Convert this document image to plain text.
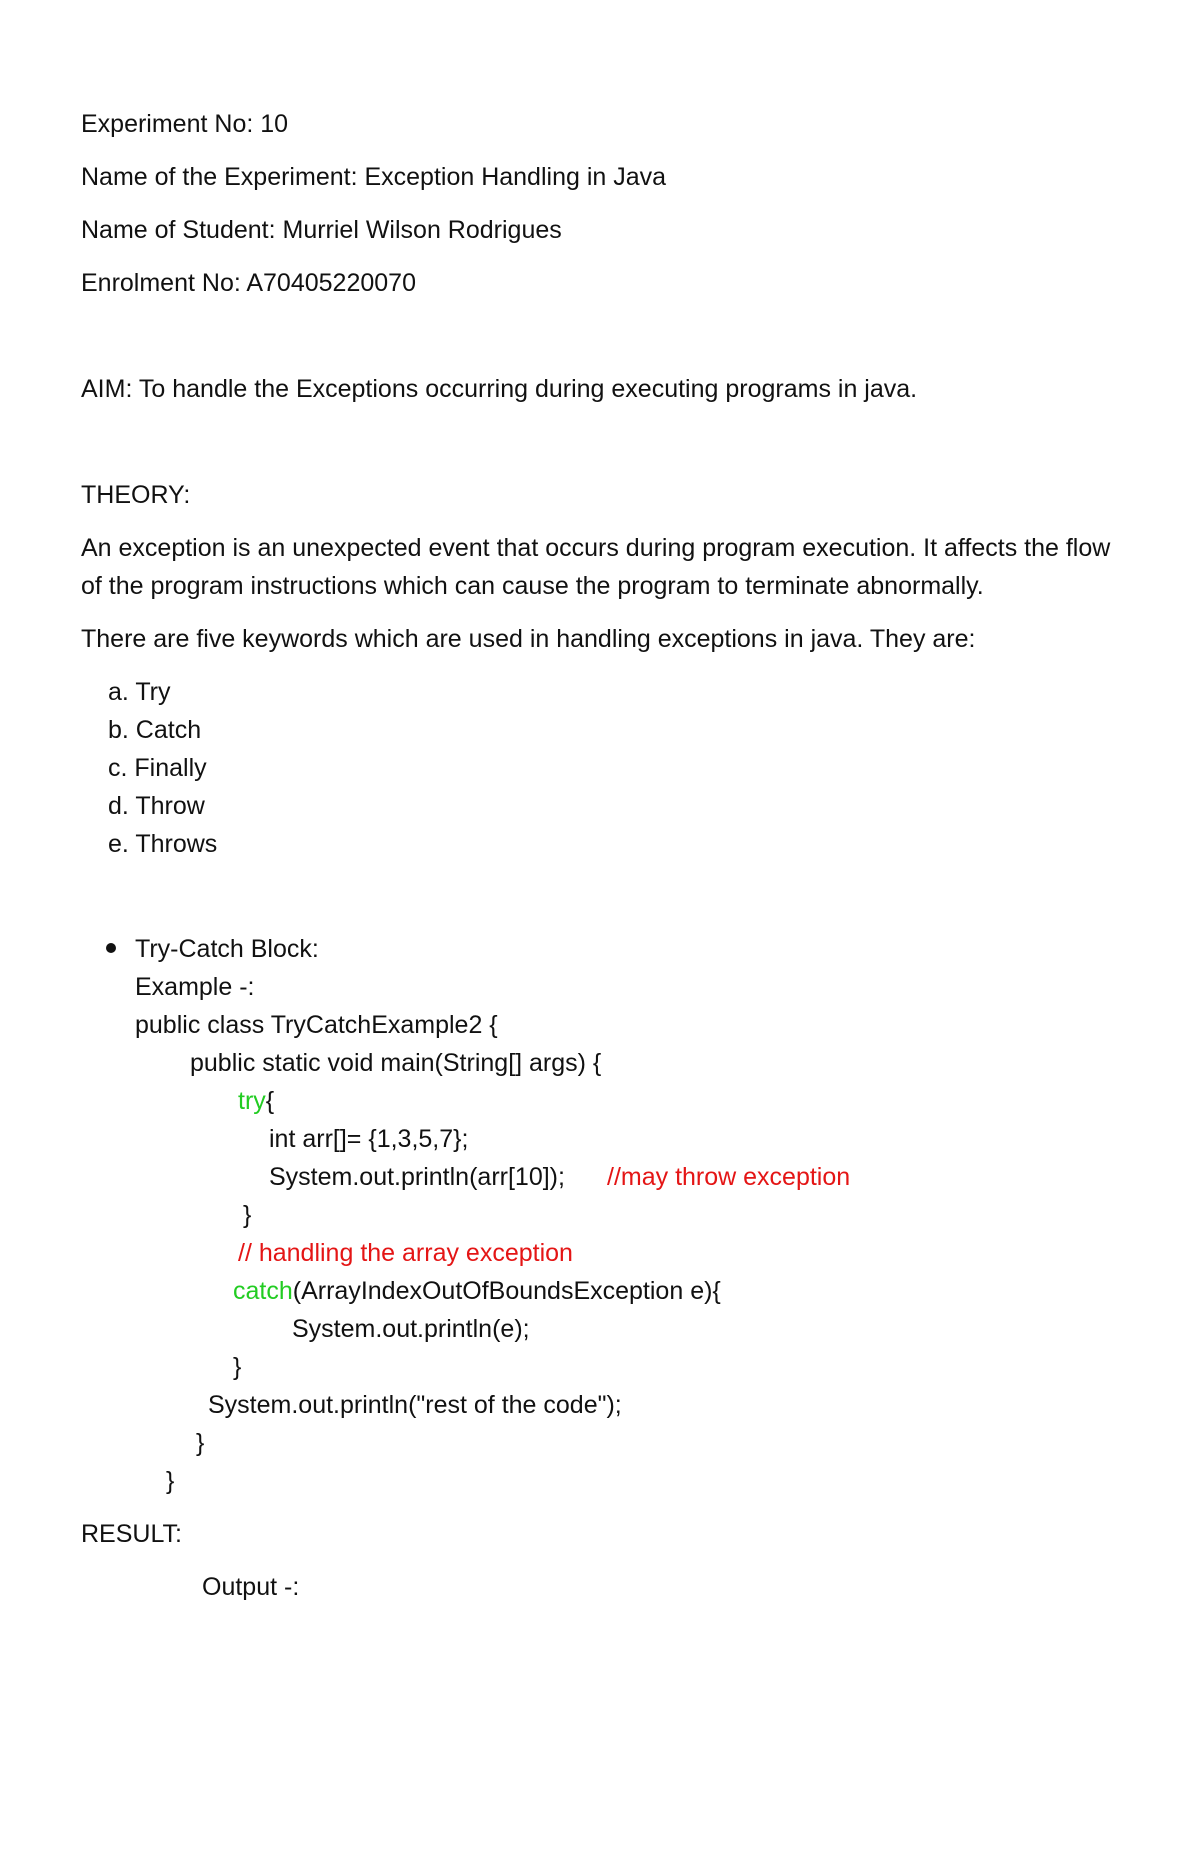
Experiment No: 10
Name of the Experiment: Exception Handling in Java
Name of Student: Murriel Wilson Rodrigues
Enrolment No: A70405220070
AIM: To handle the Exceptions occurring during executing programs in java.
THEORY:
An exception is an unexpected event that occurs during program execution. It affects the flow
of the program instructions which can cause the program to terminate abnormally.
There are five keywords which are used in handling exceptions in java. They are:
a. Try
b. Catch
c. Finally
d. Throw
e. Throws
Try-Catch Block:
Example -:
public class TryCatchExample2 {
public static void main(String[] args) {
try{
int arr[]= {1,3,5,7};
System.out.println(arr[10]); //may throw exception
}
// handling the array exception
catch(ArrayIndexOutOfBoundsException e){
System.out.println(e);
}
System.out.println("rest of the code");
}
}
RESULT:
Output -:
